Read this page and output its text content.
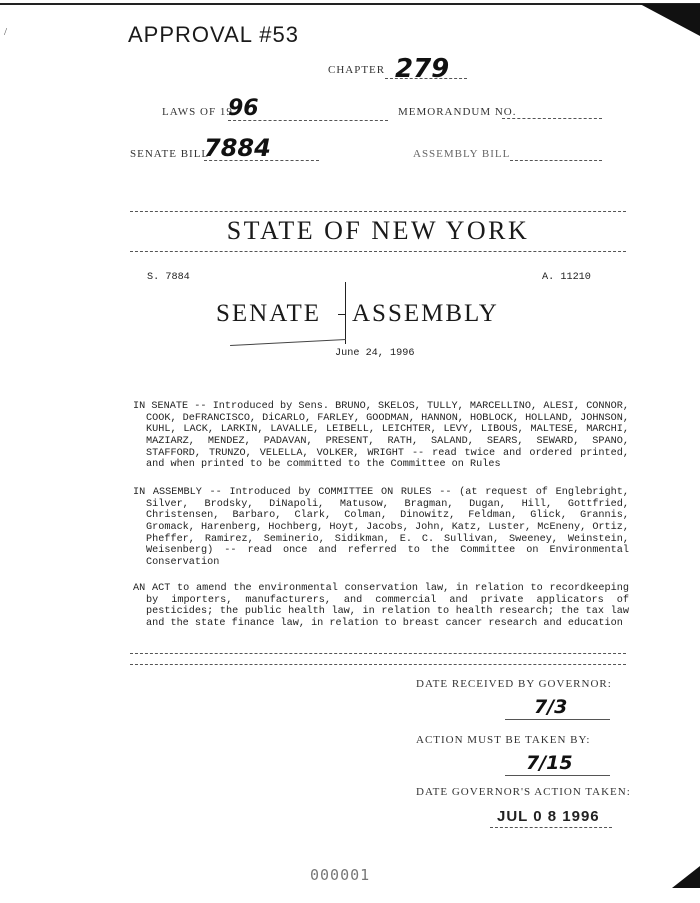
/	APPROVAL #53
CHAPTER 279
LAWS OF 19
96	MEMORANDUM NO.
SENATE BILL
7884	ASSEMBLY BILL
STATE OF NEW YORK
S. 7884	A. 11210
SENATE ASSEMBLY
June 24, 1996

IN SENATE -- Introduced by Sens. BRUNO, SKELOS, TULLY, MARCELLINO, ALESI, CONNOR, COOK, DeFRANCISCO, DiCARLO, FARLEY, GOODMAN, HANNON, HOBLOCK, HOLLAND, JOHNSON, KUHL, LACK, LARKIN, LAVALLE, LEIBELL, LEICHTER, LEVY, LIBOUS, MALTESE, MARCHI, MAZIARZ, MENDEZ, PADAVAN, PRESENT, RATH, SALAND, SEARS, SEWARD, SPANO, STAFFORD, TRUNZO, VELELLA, VOLKER, WRIGHT -- read twice and ordered printed, and when printed to be committed to the Committee on Rules

IN ASSEMBLY -- Introduced by COMMITTEE ON RULES -- (at request of Englebright, Silver, Brodsky, DiNapoli, Matusow, Bragman, Dugan, Hill, Gottfried, Christensen, Barbaro, Clark, Colman, Dinowitz, Feldman, Glick, Grannis, Gromack, Harenberg, Hochberg, Hoyt, Jacobs, John, Katz, Luster, McEneny, Ortiz, Pheffer, Ramirez, Seminerio, Sidikman, E. C. Sullivan, Sweeney, Weinstein, Weisenberg) -- read once and referred to the Committee on Environmental Conservation

AN ACT to amend the environmental conservation law, in relation to recordkeeping by importers, manufacturers, and commercial and private applicators of pesticides; the public health law, in relation to health research; the tax law and the state finance law, in relation to breast cancer research and education

DATE RECEIVED BY GOVERNOR:
7/3
ACTION MUST BE TAKEN BY:
7/15
DATE GOVERNOR'S ACTION TAKEN:
JUL 0 8 1996
000001
